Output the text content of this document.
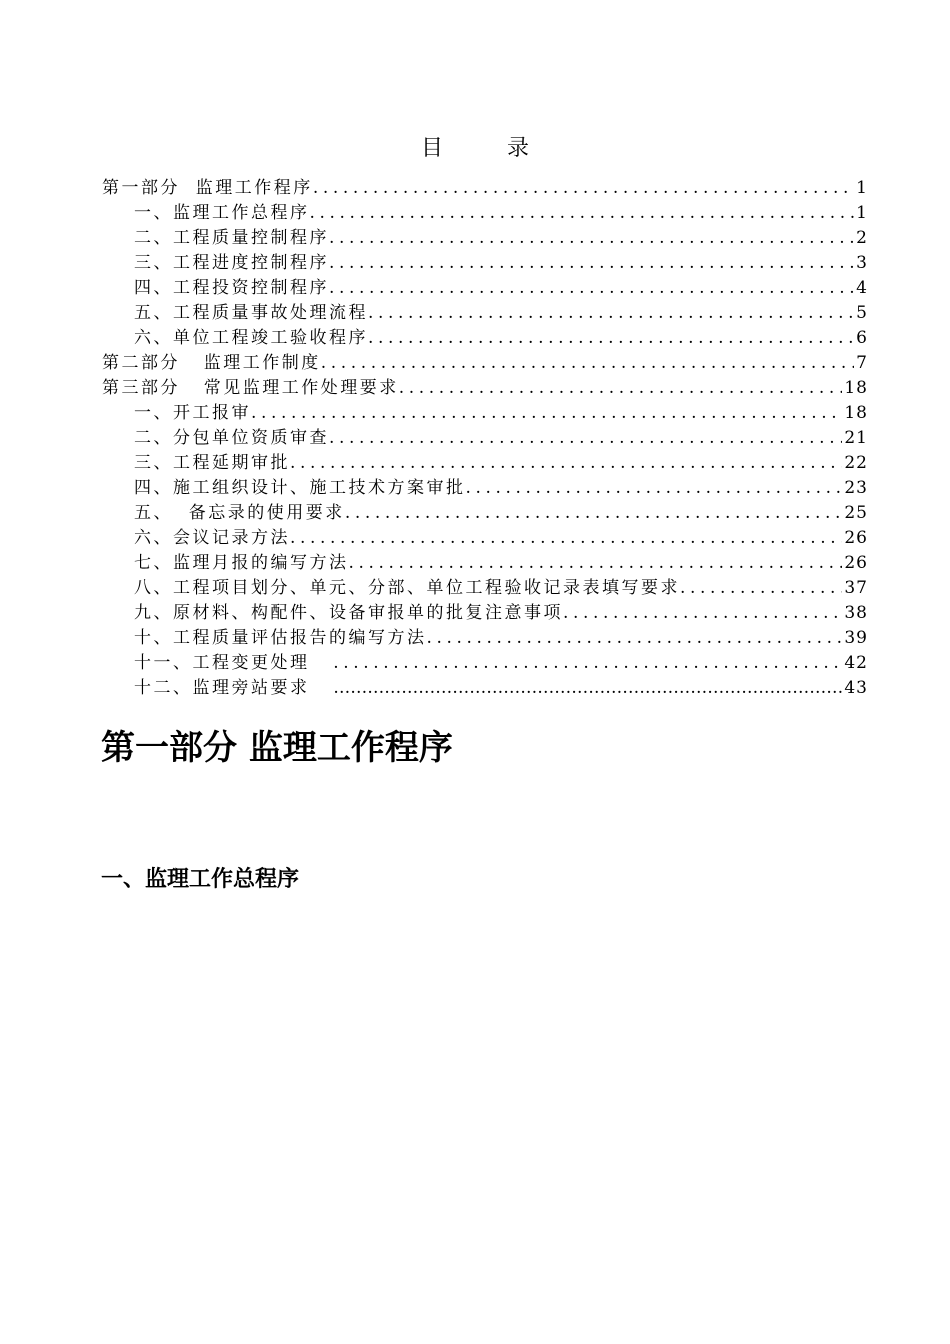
目录
第一部分  监理工作程序 .....	1
一、监理工作总程序 .....	1
二、工程质量控制程序 .....	2
三、工程进度控制程序 .....	3
四、工程投资控制程序 .....	4
五、工程质量事故处理流程 .....	5
六、单位工程竣工验收程序 .....	6
第二部分   监理工作制度 .....	7
第三部分   常见监理工作处理要求 .....	18
一、开工报审 .....	18
二、分包单位资质审查 .....	21
三、工程延期审批 .....	22
四、施工组织设计、施工技术方案审批 .....	23
五、  备忘录的使用要求 .....	25
六、会议记录方法 .....	26
七、监理月报的编写方法 .....	26
八、工程项目划分、单元、分部、单位工程验收记录表填写要求 .....	37
九、原材料、构配件、设备审报单的批复注意事项 .....	38
十、工程质量评估报告的编写方法 .....	39
十一、工程变更处理 .....	42
十二、监理旁站要求 …………………………………………………………………………………………………………………………………………	43
第一部分 监理工作程序
一、监理工作总程序
